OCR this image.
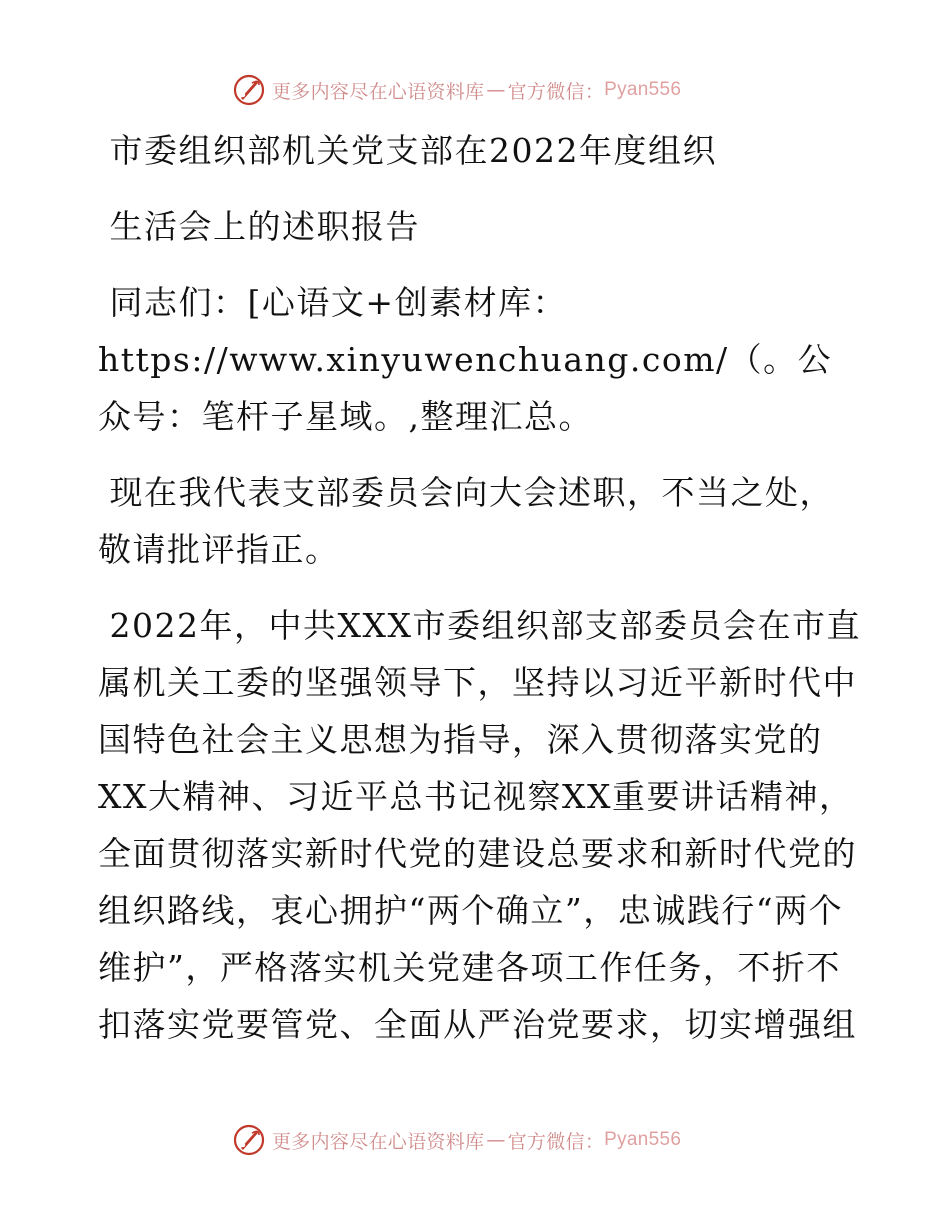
更多内容尽在心语资料库 — 官方微信： Pyan556

市委组织部机关党支部在2022年度组织

生活会上的述职报告

同志们：[心语文+创素材库：https://www.xinyuwenchuang.com/（。公众号：笔杆子星域。,整理汇总。

现在我代表支部委员会向大会述职，不当之处，敬请批评指正。

2022年，中共XXX市委组织部支部委员会在市直属机关工委的坚强领导下，坚持以习近平新时代中国特色社会主义思想为指导，深入贯彻落实党的XX大精神、习近平总书记视察XX重要讲话精神，全面贯彻落实新时代党的建设总要求和新时代党的组织路线，衷心拥护“两个确立”，忠诚践行“两个维护”，严格落实机关党建各项工作任务，不折不扣落实党要管党、全面从严治党要求，切实增强组

更多内容尽在心语资料库 — 官方微信： Pyan556
